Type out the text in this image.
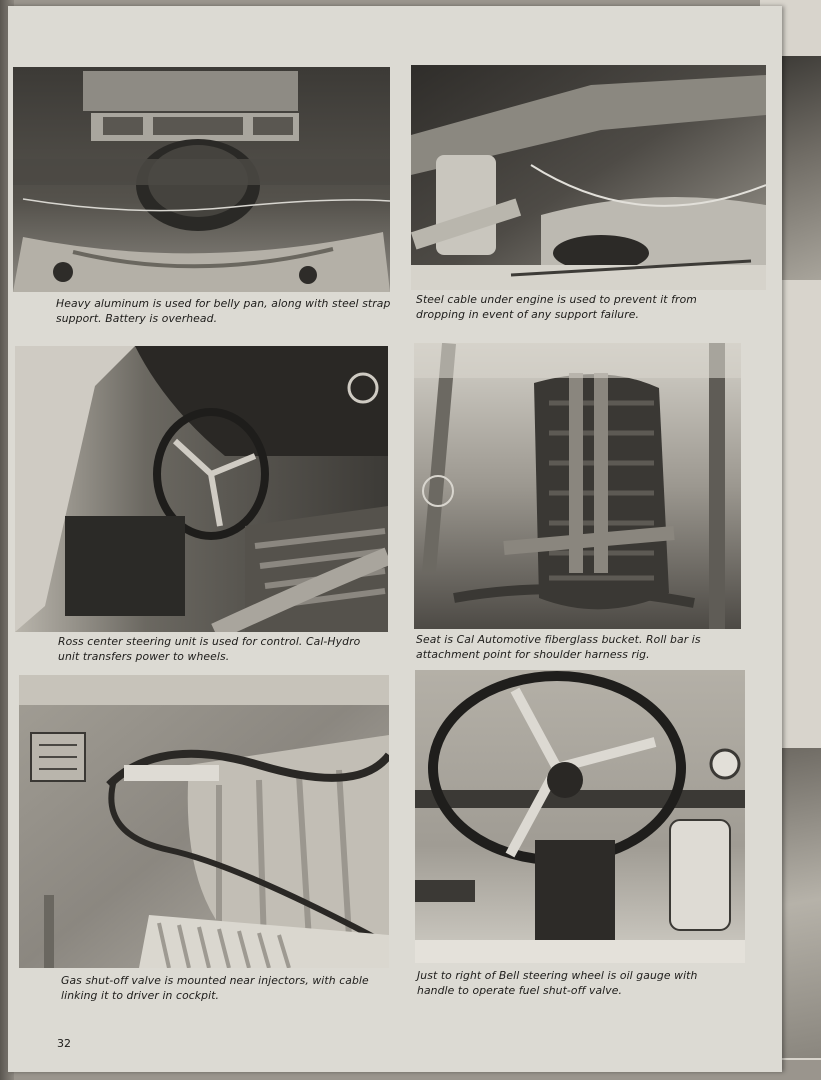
Heavy aluminum is used for belly pan, along with steel strap support. Battery is overhead.

Steel cable under engine is used to prevent it from dropping in event of any support failure.

Ross center steering unit is used for control. Cal-Hydro unit transfers power to wheels.

Seat is Cal Automotive fiberglass bucket. Roll bar is attachment point for shoulder harness rig.

Gas shut-off valve is mounted near injectors, with cable linking it to driver in cockpit.

Just to right of Bell steering wheel is oil gauge with handle to operate fuel shut-off valve.

32
